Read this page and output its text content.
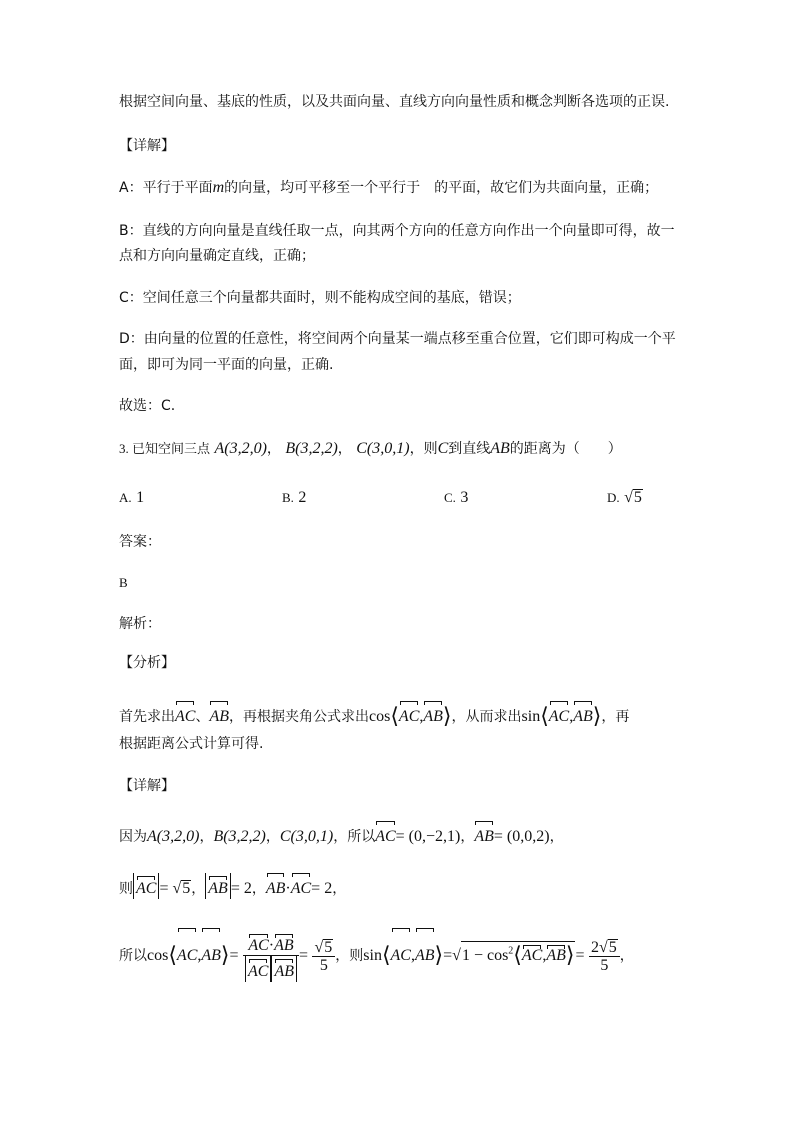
根据空间向量、基底的性质，以及共面向量、直线方向向量性质和概念判断各选项的正误.
【详解】
A：平行于平面m的向量，均可平移至一个平行于　的平面，故它们为共面向量，正确；
B：直线的方向向量是直线任取一点，向其两个方向的任意方向作出一个向量即可得，故一
点和方向向量确定直线，正确；
C：空间任意三个向量都共面时，则不能构成空间的基底，错误；
D：由向量的位置的任意性，将空间两个向量某一端点移至重合位置，它们即可构成一个平
面，即可为同一平面的向量，正确.
故选：C.
3. 已知空间三点 A(3,2,0)， B(3,2,2)， C(3,0,1)，则C到直线AB的距离为（　　）
A. 1	B. 2	C. 3	D. √5
答案：
B
解析：
【分析】
首先求出AC、AB，再根据夹角公式求出cos⟨AC,AB⟩，从而求出sin⟨AC,AB⟩，再
根据距离公式计算可得.
【详解】
因为A(3,2,0)，B(3,2,2)，C(3,0,1)，所以AC= (0,−2,1)，AB= (0,0,2)，
则 AC = √5， AB = 2，AB·AC= 2，
所以cos⟨AC,AB⟩= $\frac{AC\cdot AB}{\text{AC AB}} = \frac{√5}{5}$ ，则sin⟨AC,AB⟩=√1 − $\cos^2⟨AC,AB⟩= \frac{2√5}{5}$ ，
